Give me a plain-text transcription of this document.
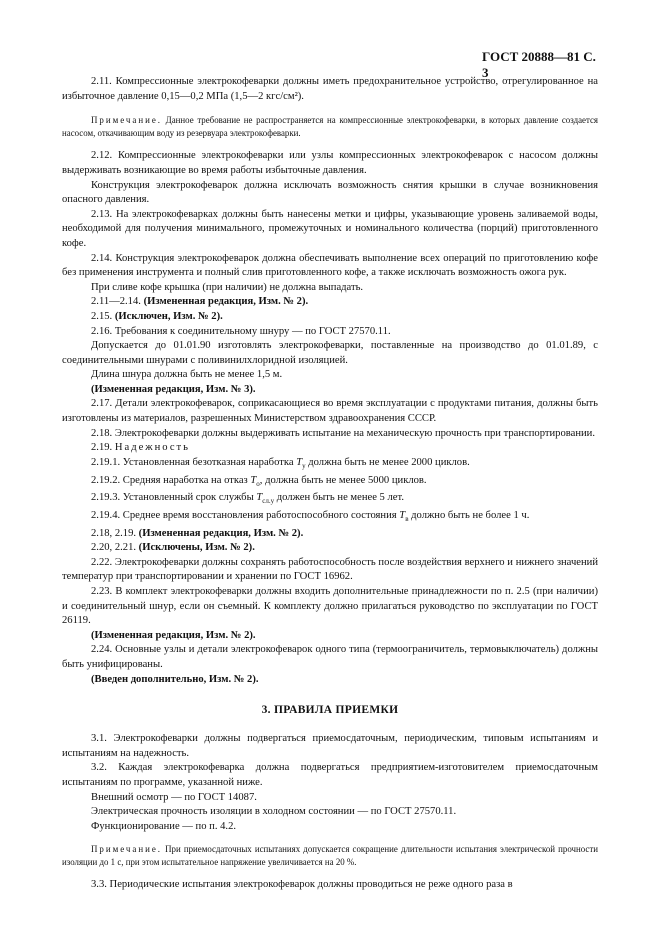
ГОСТ 20888—81 С. 3

2.11. Компрессионные электрокофеварки должны иметь предохранительное устройство, отрегулированное на избыточное давление 0,15—0,2 МПа (1,5—2 кгс/см²).

Примечание. Данное требование не распространяется на компрессионные электрокофеварки, в которых давление создается насосом, откачивающим воду из резервуара электрокофеварки.

2.12. Компрессионные электрокофеварки или узлы компрессионных электрокофеварок с насосом должны выдерживать возникающие во время работы избыточные давления.

Конструкция электрокофеварок должна исключать возможность снятия крышки в случае возникновения опасного давления.

2.13. На электрокофеварках должны быть нанесены метки и цифры, указывающие уровень заливаемой воды, необходимой для получения минимального, промежуточных и номинального количества (порций) приготовленного кофе.

2.14. Конструкция электрокофеварок должна обеспечивать выполнение всех операций по приготовлению кофе без применения инструмента и полный слив приготовленного кофе, а также исключать возможность ожога рук.

При сливе кофе крышка (при наличии) не должна выпадать.

2.11—2.14. (Измененная редакция, Изм. № 2).

2.15. (Исключен, Изм. № 2).

2.16. Требования к соединительному шнуру — по ГОСТ 27570.11.

Допускается до 01.01.90 изготовлять электрокофеварки, поставленные на производство до 01.01.89, с соединительными шнурами с поливинилхлоридной изоляцией.

Длина шнура должна быть не менее 1,5 м.

(Измененная редакция, Изм. № 3).

2.17. Детали электрокофеварок, соприкасающиеся во время эксплуатации с продуктами питания, должны быть изготовлены из материалов, разрешенных Министерством здравоохранения СССР.

2.18. Электрокофеварки должны выдерживать испытание на механическую прочность при транспортировании.

2.19. Надежность

2.19.1. Установленная безотказная наработка $T_у$ должна быть не менее 2000 циклов.

2.19.2. Средняя наработка на отказ $T_о$, должна быть не менее 5000 циклов.

2.19.3. Установленный срок службы $T_{сл.у}$ должен быть не менее 5 лет.

2.19.4. Среднее время восстановления работоспособного состояния $T_в$ должно быть не более 1 ч.

2.18, 2.19. (Измененная редакция, Изм. № 2).

2.20, 2.21. (Исключены, Изм. № 2).

2.22. Электрокофеварки должны сохранять работоспособность после воздействия верхнего и нижнего значений температур при транспортировании и хранении по ГОСТ 16962.

2.23. В комплект электрокофеварки должны входить дополнительные принадлежности по п. 2.5 (при наличии) и соединительный шнур, если он съемный. К комплекту должно прилагаться руководство по эксплуатации по ГОСТ 26119.

(Измененная редакция, Изм. № 2).

2.24. Основные узлы и детали электрокофеварок одного типа (термоограничитель, термовыключатель) должны быть унифицированы.

(Введен дополнительно, Изм. № 2).

3. ПРАВИЛА ПРИЕМКИ

3.1. Электрокофеварки должны подвергаться приемосдаточным, периодическим, типовым испытаниям и испытаниям на надежность.

3.2. Каждая электрокофеварка должна подвергаться предприятием-изготовителем приемосдаточным испытаниям по программе, указанной ниже.

Внешний осмотр — по ГОСТ 14087.

Электрическая прочность изоляции в холодном состоянии — по ГОСТ 27570.11.

Функционирование — по п. 4.2.

Примечание. При приемосдаточных испытаниях допускается сокращение длительности испытания электрической прочности изоляции до 1 с, при этом испытательное напряжение увеличивается на 20 %.

3.3. Периодические испытания электрокофеварок должны проводиться не реже одного раза в
